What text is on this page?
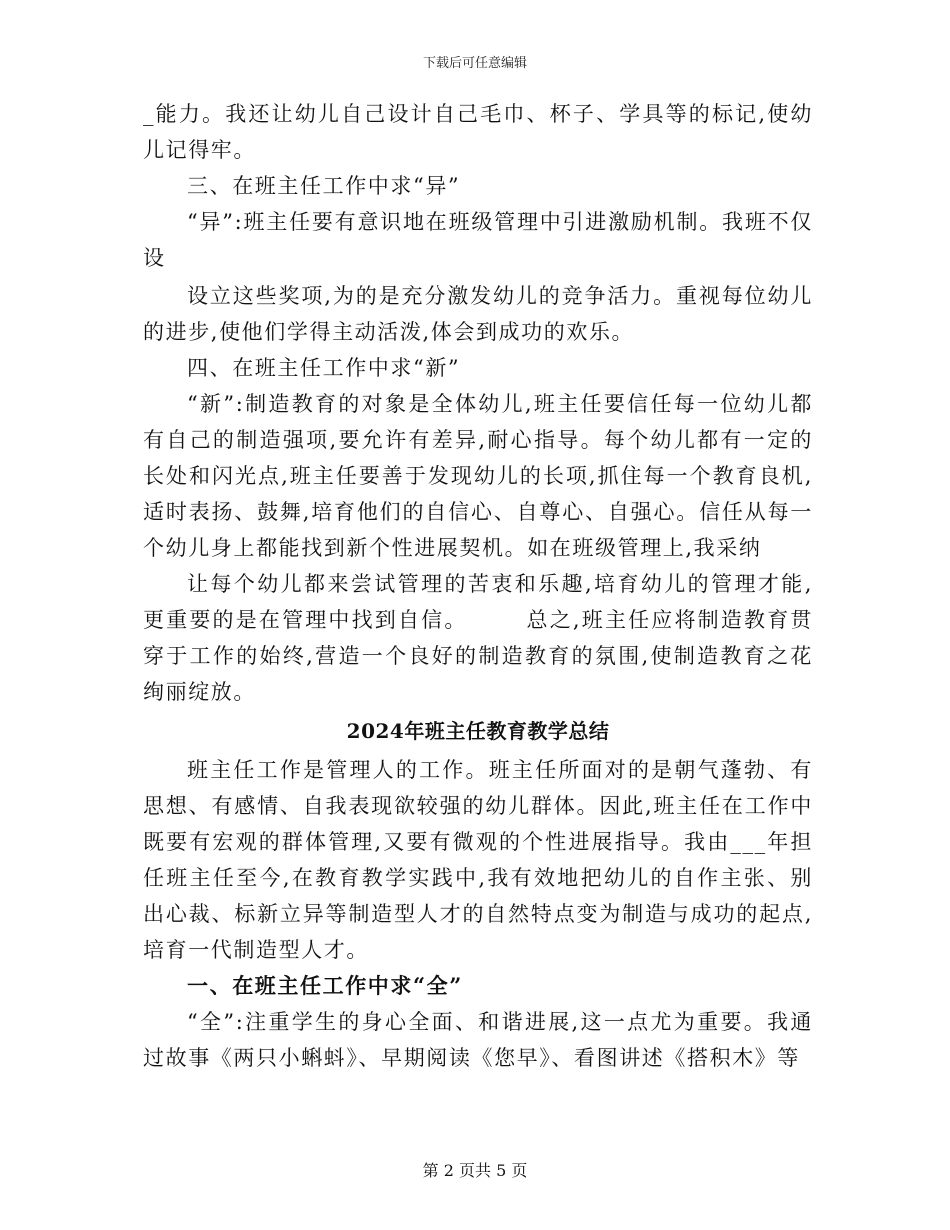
下载后可任意编辑

_能力。我还让幼儿自己设计自己毛巾、杯子、学具等的标记,使幼儿记得牢。

三、在班主任工作中求“异”

“异”:班主任要有意识地在班级管理中引进激励机制。我班不仅设

设立这些奖项,为的是充分激发幼儿的竞争活力。重视每位幼儿的进步,使他们学得主动活泼,体会到成功的欢乐。

四、在班主任工作中求“新”

“新”:制造教育的对象是全体幼儿,班主任要信任每一位幼儿都有自己的制造强项,要允许有差异,耐心指导。每个幼儿都有一定的长处和闪光点,班主任要善于发现幼儿的长项,抓住每一个教育良机,适时表扬、鼓舞,培育他们的自信心、自尊心、自强心。信任从每一个幼儿身上都能找到新个性进展契机。如在班级管理上,我采纳

让每个幼儿都来尝试管理的苦衷和乐趣,培育幼儿的管理才能,更重要的是在管理中找到自信。　　　总之,班主任应将制造教育贯穿于工作的始终,营造一个良好的制造教育的氛围,使制造教育之花绚丽绽放。

2024年班主任教育教学总结

班主任工作是管理人的工作。班主任所面对的是朝气蓬勃、有思想、有感情、自我表现欲较强的幼儿群体。因此,班主任在工作中既要有宏观的群体管理,又要有微观的个性进展指导。我由___年担任班主任至今,在教育教学实践中,我有效地把幼儿的自作主张、别出心裁、标新立异等制造型人才的自然特点变为制造与成功的起点,培育一代制造型人才。

一、在班主任工作中求“全”

“全”:注重学生的身心全面、和谐进展,这一点尤为重要。我通过故事《两只小蝌蚪》、早期阅读《您早》、看图讲述《搭积木》等

第 2 页共 5 页
